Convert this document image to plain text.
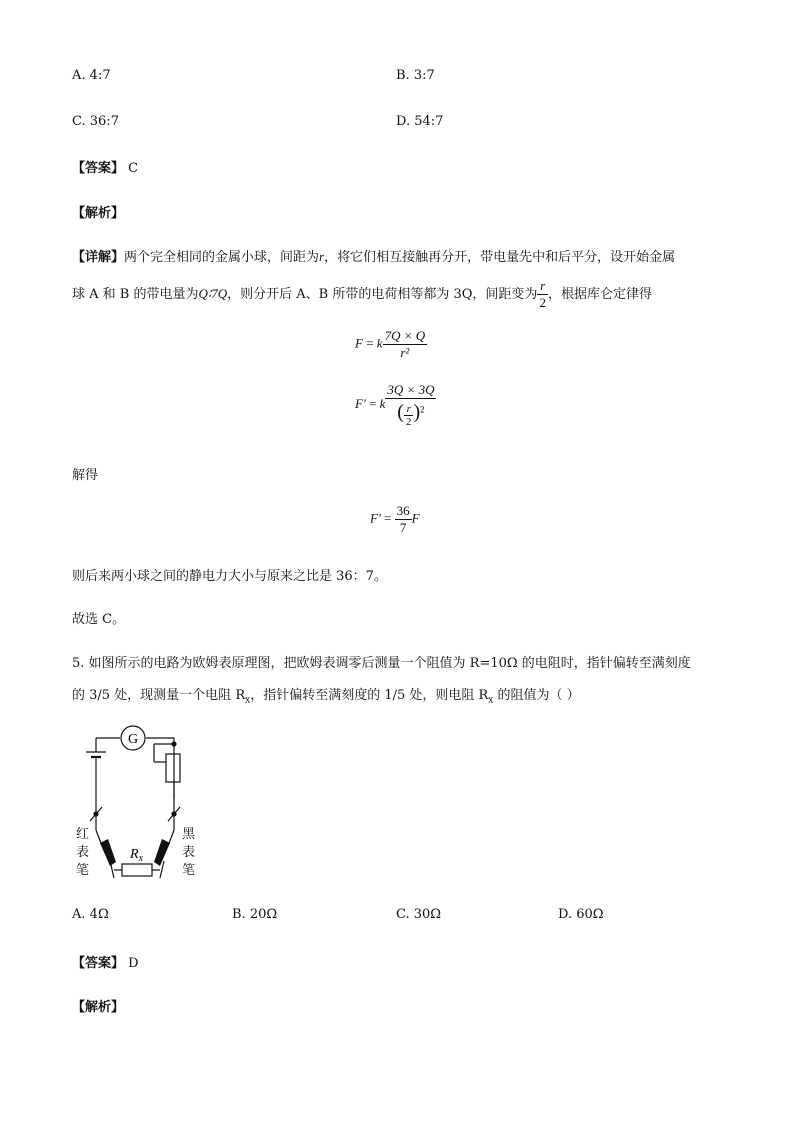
A. 4:7	B. 3:7
C. 36:7	D. 54:7
【答案】 C
【解析】
【详解】两个完全相同的金属小球，间距为r，将它们相互接触再分开，带电量先中和后平分，设开始金属
球 A 和 B 的带电量为Q∶7Q，则分开后 A、B 所带的电荷相等都为 3Q，间距变为 $\frac{r}{2}$ ，根据库仑定律得
F = k $\frac{7Q \times Q}{\text{r²}}$
F′ = k $\frac{3Q \times 3Q}{( \frac{r}{2} )^2}$
解得
$F' = \frac{36}{7}$ F
则后来两小球之间的静电力大小与原来之比是 36：7。
故选 C。
5. 如图所示的电路为欧姆表原理图，把欧姆表调零后测量一个阻值为 R=10Ω 的电阻时，指针偏转至满刻度
的 3/5 处，现测量一个电阻 $R_x$，指针偏转至满刻度的 1/5 处，则电阻 $R_x$ 的阻值为（ ）
G
$R_x$
红
表
笔
黑
表
笔
A. 4Ω	B. 20Ω	C. 30Ω	D. 60Ω
【答案】 D
【解析】
